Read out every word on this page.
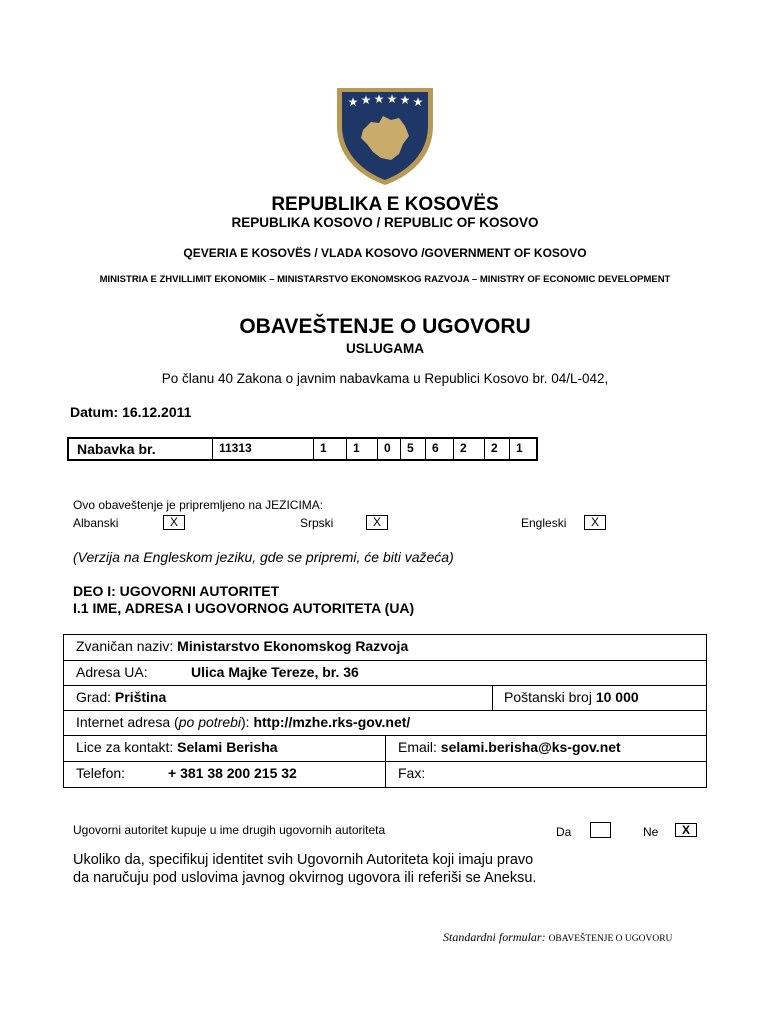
★ ★ ★ ★ ★ ★
REPUBLIKA E KOSOVËS
REPUBLIKA KOSOVO / REPUBLIC OF KOSOVO
QEVERIA E KOSOVËS / VLADA KOSOVO /GOVERNMENT OF KOSOVO
MINISTRIA E ZHVILLIMIT EKONOMIK – MINISTARSTVO EKONOMSKOG RAZVOJA – MINISTRY OF ECONOMIC DEVELOPMENT
OBAVEŠTENJE O UGOVORU
USLUGAMA
Po članu 40 Zakona o javnim nabavkama u Republici Kosovo br. 04/L-042,
Datum: 16.12.2011
Nabavka br.	11313	1	1	0	5	6	2	2	1
Ovo obaveštenje je pripremljeno na JEZICIMA:
Albanski	X	Srpski	X	Engleski	X
(Verzija na Engleskom jeziku, gde se pripremi, će biti važeća)
DEO I: UGOVORNI AUTORITET
I.1 IME, ADRESA I UGOVORNOG AUTORITETA (UA)
Zvaničan naziv: Ministarstvo Ekonomskog Razvoja
Adresa UA:	Ulica Majke Tereze, br. 36
Grad: Priština	Poštanski broj 10 000
Internet adresa (po potrebi): http://mzhe.rks-gov.net/
Lice za kontakt: Selami Berisha	Email: selami.berisha@ks-gov.net
Telefon:	+ 381 38 200 215 32	Fax:
Ugovorni autoritet kupuje u ime drugih ugovornih autoriteta	Da	Ne	X
Ukoliko da, specifikuj identitet svih Ugovornih Autoriteta koji imaju pravo da naručuju pod uslovima javnog okvirnog ugovora ili referiši se Aneksu.
Standardni formular: OBAVEŠTENJE O UGOVORU
